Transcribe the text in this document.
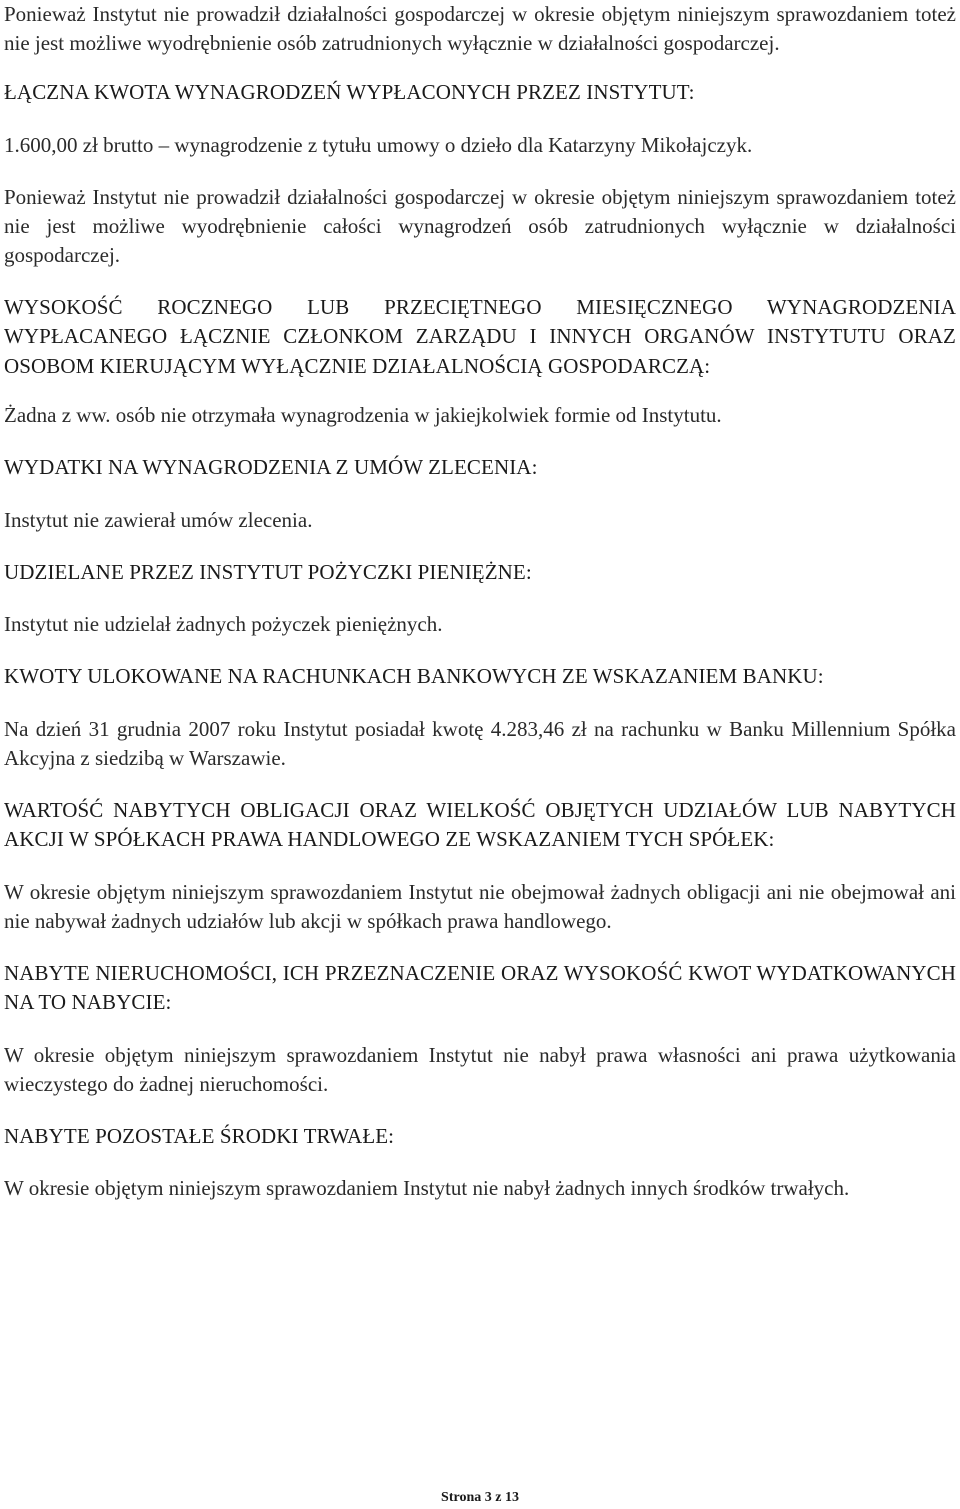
Ponieważ Instytut nie prowadził działalności gospodarczej w okresie objętym niniejszym sprawozdaniem toteż nie jest możliwe wyodrębnienie osób zatrudnionych wyłącznie w działalności gospodarczej.

ŁĄCZNA KWOTA WYNAGRODZEŃ WYPŁACONYCH PRZEZ INSTYTUT:

1.600,00 zł brutto – wynagrodzenie z tytułu umowy o dzieło dla Katarzyny Mikołajczyk.

Ponieważ Instytut nie prowadził działalności gospodarczej w okresie objętym niniejszym sprawozdaniem toteż nie jest możliwe wyodrębnienie całości wynagrodzeń osób zatrudnionych wyłącznie w działalności gospodarczej.

WYSOKOŚĆ ROCZNEGO LUB PRZECIĘTNEGO MIESIĘCZNEGO WYNAGRODZENIA WYPŁACANEGO ŁĄCZNIE CZŁONKOM ZARZĄDU I INNYCH ORGANÓW INSTYTUTU ORAZ OSOBOM KIERUJĄCYM WYŁĄCZNIE DZIAŁALNOŚCIĄ GOSPODARCZĄ:

Żadna z ww. osób nie otrzymała wynagrodzenia w jakiejkolwiek formie od Instytutu.

WYDATKI NA WYNAGRODZENIA Z UMÓW ZLECENIA:

Instytut nie zawierał umów zlecenia.

UDZIELANE PRZEZ INSTYTUT POŻYCZKI PIENIĘŻNE:

Instytut nie udzielał żadnych pożyczek pieniężnych.

KWOTY ULOKOWANE NA RACHUNKACH BANKOWYCH ZE WSKAZANIEM BANKU:

Na dzień 31 grudnia 2007 roku Instytut posiadał kwotę 4.283,46 zł na rachunku w Banku Millennium Spółka Akcyjna z siedzibą w Warszawie.

WARTOŚĆ NABYTYCH OBLIGACJI ORAZ WIELKOŚĆ OBJĘTYCH UDZIAŁÓW LUB NABYTYCH AKCJI W SPÓŁKACH PRAWA HANDLOWEGO ZE WSKAZANIEM TYCH SPÓŁEK:

W okresie objętym niniejszym sprawozdaniem Instytut nie obejmował żadnych obligacji ani nie obejmował ani nie nabywał żadnych udziałów lub akcji w spółkach prawa handlowego.

NABYTE NIERUCHOMOŚCI, ICH PRZEZNACZENIE ORAZ WYSOKOŚĆ KWOT WYDATKOWANYCH NA TO NABYCIE:

W okresie objętym niniejszym sprawozdaniem Instytut nie nabył prawa własności ani prawa użytkowania wieczystego do żadnej nieruchomości.

NABYTE POZOSTAŁE ŚRODKI TRWAŁE:

W okresie objętym niniejszym sprawozdaniem Instytut nie nabył żadnych innych środków trwałych.

Strona 3 z 13
